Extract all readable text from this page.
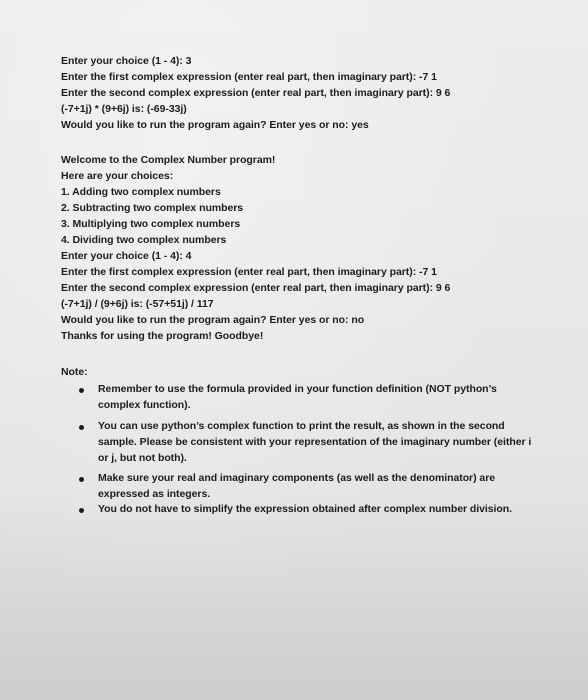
Enter your choice (1 - 4): 3
Enter the first complex expression (enter real part, then imaginary part): -7 1
Enter the second complex expression (enter real part, then imaginary part): 9 6
(-7+1j) * (9+6j) is: (-69-33j)
Would you like to run the program again? Enter yes or no: yes
Welcome to the Complex Number program!
Here are your choices:
1. Adding two complex numbers
2. Subtracting two complex numbers
3. Multiplying two complex numbers
4. Dividing two complex numbers
Enter your choice (1 - 4): 4
Enter the first complex expression (enter real part, then imaginary part): -7 1
Enter the second complex expression (enter real part, then imaginary part): 9 6
(-7+1j) / (9+6j) is: (-57+51j) / 117
Would you like to run the program again? Enter yes or no: no
Thanks for using the program! Goodbye!
Note:
Remember to use the formula provided in your function definition (NOT python’s
complex function).
You can use python’s complex function to print the result, as shown in the second
sample. Please be consistent with your representation of the imaginary number (either i
or j, but not both).
Make sure your real and imaginary components (as well as the denominator) are
expressed as integers.
You do not have to simplify the expression obtained after complex number division.
